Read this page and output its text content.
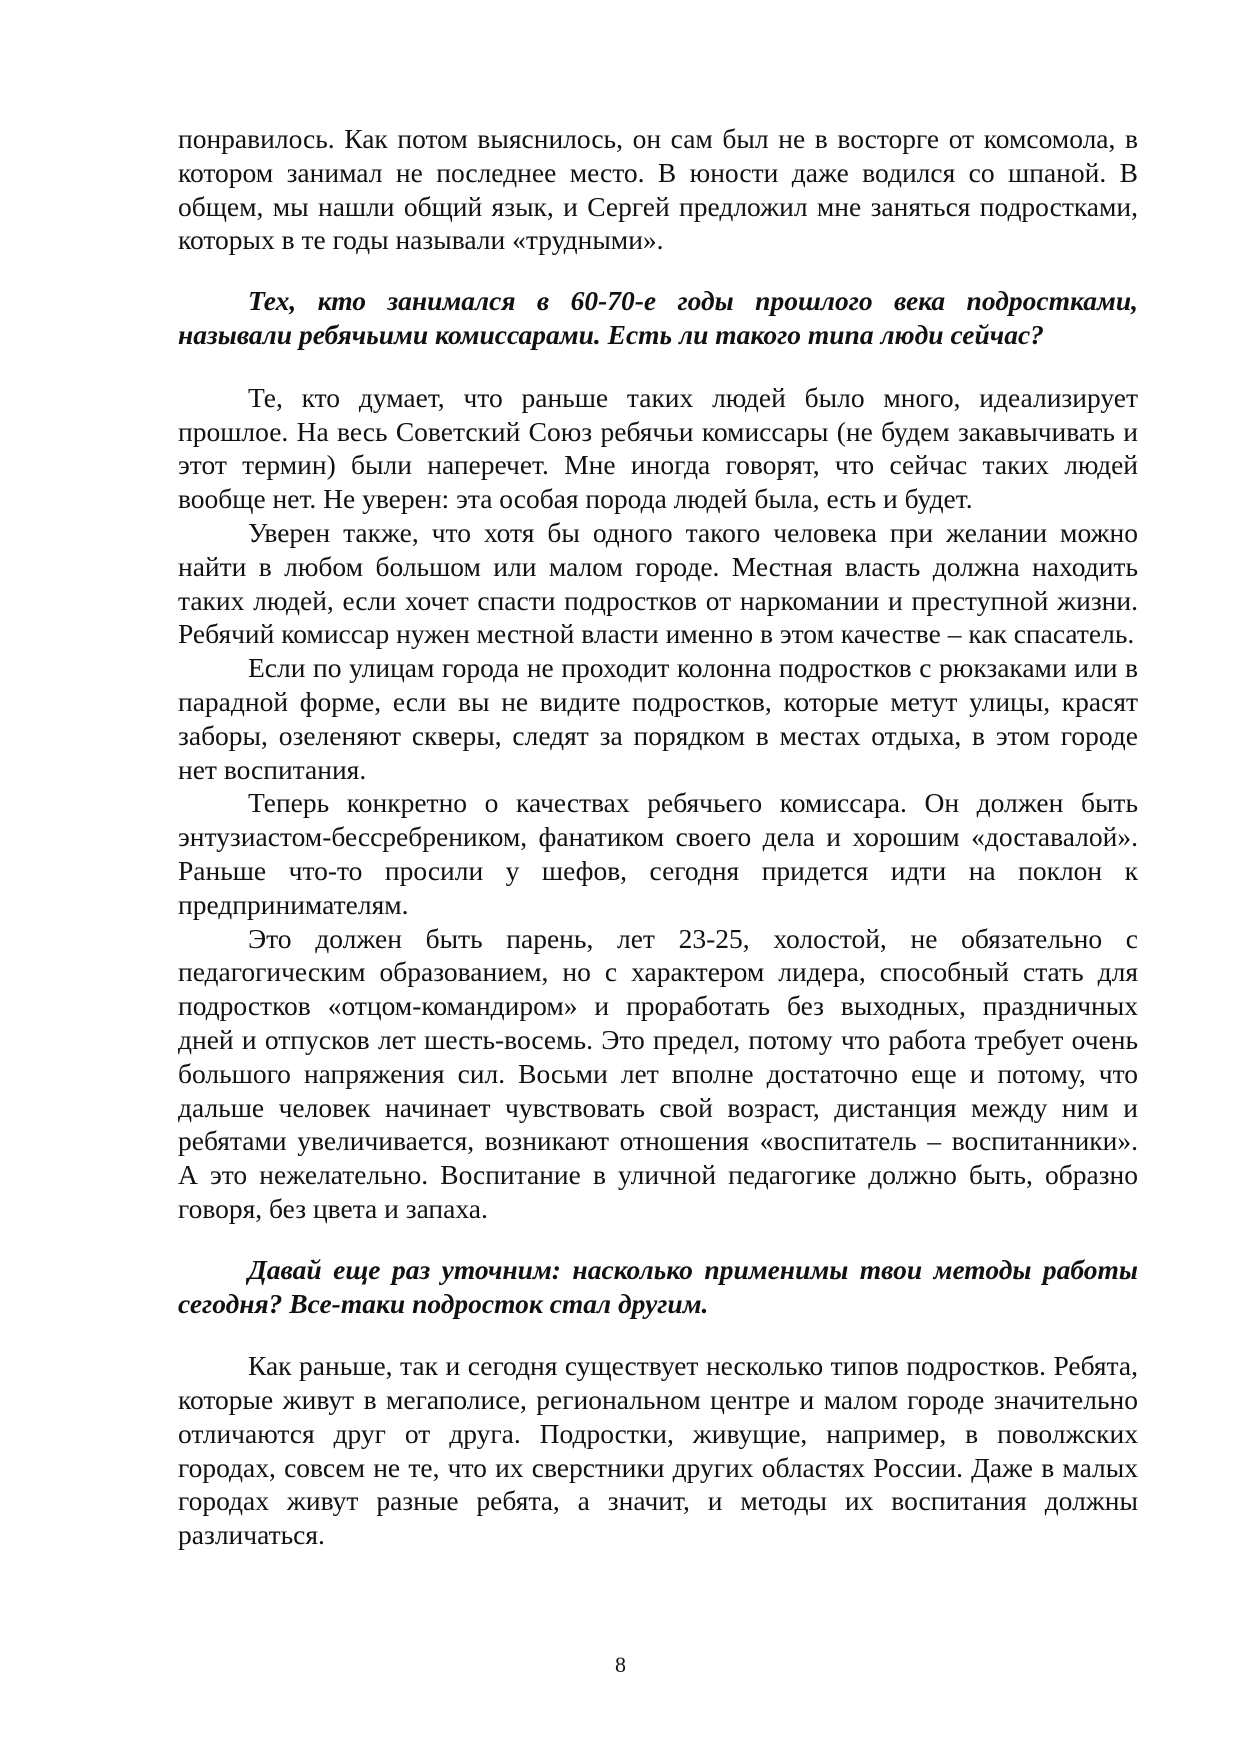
понравилось. Как потом выяснилось, он сам был не в восторге от комсомола, в котором занимал не последнее место. В юности даже водился со шпаной. В общем, мы нашли общий язык, и Сергей предложил мне заняться подростками, которых в те годы называли «трудными».

Тех, кто занимался в 60-70-е годы прошлого века подростками, называли ребячьими комиссарами. Есть ли такого типа люди сейчас?

Те, кто думает, что раньше таких людей было много, идеализирует прошлое. На весь Советский Союз ребячьи комиссары (не будем закавычивать и этот термин) были наперечет. Мне иногда говорят, что сейчас таких людей вообще нет. Не уверен: эта особая порода людей была, есть и будет.

Уверен также, что хотя бы одного такого человека при желании можно найти в любом большом или малом городе. Местная власть должна находить таких людей, если хочет спасти подростков от наркомании и преступной жизни. Ребячий комиссар нужен местной власти именно в этом качестве – как спасатель.

Если по улицам города не проходит колонна подростков с рюкзаками или в парадной форме, если вы не видите подростков, которые метут улицы, красят заборы, озеленяют скверы, следят за порядком в местах отдыха, в этом городе нет воспитания.

Теперь конкретно о качествах ребячьего комиссара. Он должен быть энтузиастом-бессребреником, фанатиком своего дела и хорошим «доставалой». Раньше что-то просили у шефов, сегодня придется идти на поклон к предпринимателям.

Это должен быть парень, лет 23-25, холостой, не обязательно с педагогическим образованием, но с характером лидера, способный стать для подростков «отцом-командиром» и проработать без выходных, праздничных дней и отпусков лет шесть-восемь. Это предел, потому что работа требует очень большого напряжения сил. Восьми лет вполне достаточно еще и потому, что дальше человек начинает чувствовать свой возраст, дистанция между ним и ребятами увеличивается, возникают отношения «воспитатель – воспитанники». А это нежелательно. Воспитание в уличной педагогике должно быть, образно говоря, без цвета и запаха.

Давай еще раз уточним: насколько применимы твои методы работы сегодня? Все-таки подросток стал другим.

Как раньше, так и сегодня существует несколько типов подростков. Ребята, которые живут в мегаполисе, региональном центре и малом городе значительно отличаются друг от друга. Подростки, живущие, например, в поволжских городах, совсем не те, что их сверстники других областях России. Даже в малых городах живут разные ребята, а значит, и методы их воспитания должны различаться.

8
